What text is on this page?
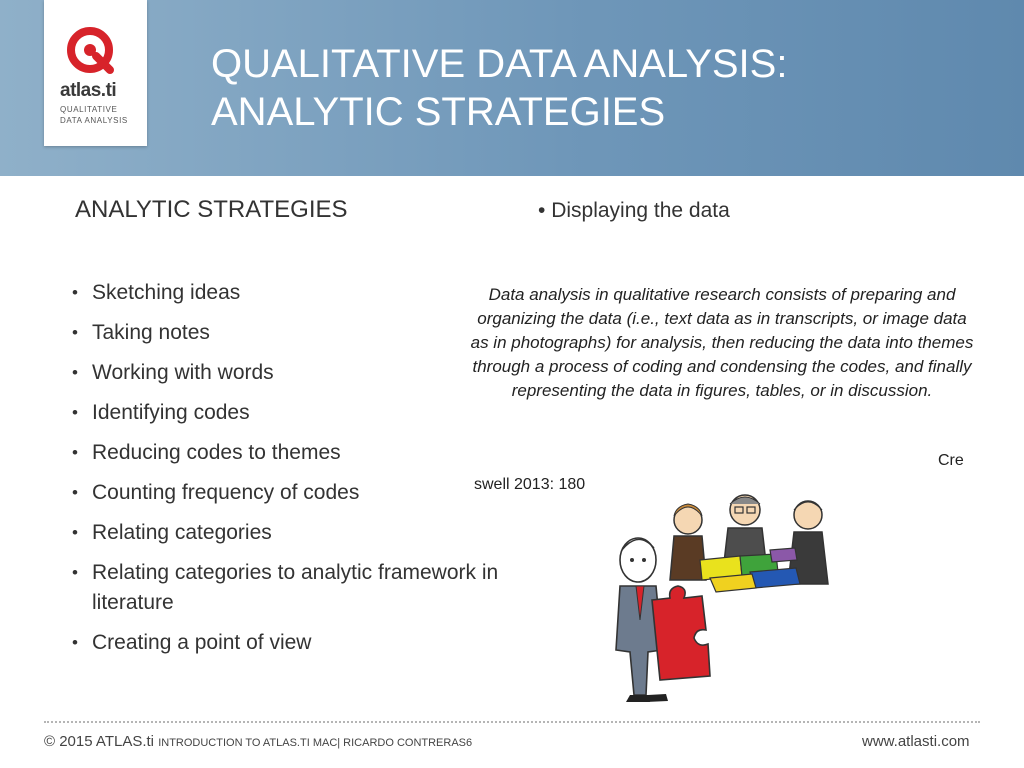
atlas.ti
QUALITATIVE
DATA ANALYSIS
QUALITATIVE DATA ANALYSIS:
ANALYTIC STRATEGIES
ANALYTIC STRATEGIES	• Displaying the data
• Sketching ideas
• Taking notes
• Working with words
• Identifying codes
• Reducing codes to themes
• Counting frequency of codes
• Relating categories
• Relating categories to analytic framework in literature
• Creating a point of view
Data analysis in qualitative research consists of preparing and organizing the data (i.e., text data as in transcripts, or image data as in photographs) for analysis, then reducing the data into themes through a process of coding and condensing the codes, and finally representing the data in figures, tables, or in discussion.
Cre
swell 2013: 180
© 2015 ATLAS.ti INTRODUCTION TO ATLAS.TI MAC| RICARDO CONTRERAS6	www.atlasti.com
